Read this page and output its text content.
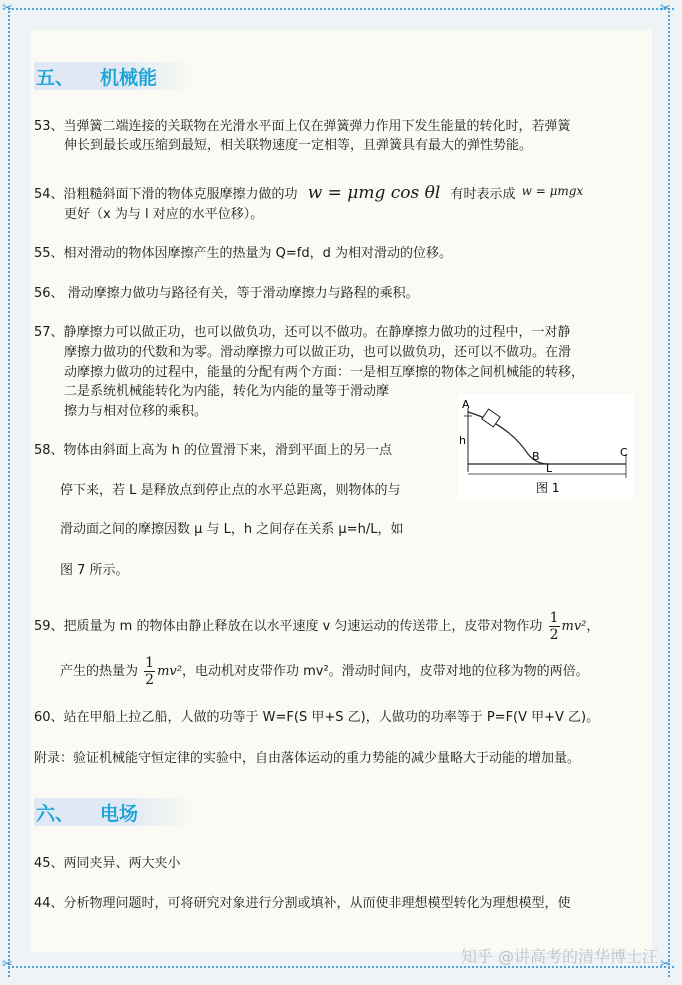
✂	✂
✂	✂
五、 机械能
53、当弹簧二端连接的关联物在光滑水平面上仅在弹簧弹力作用下发生能量的转化时，若弹簧
伸长到最长或压缩到最短，相关联物速度一定相等，且弹簧具有最大的弹性势能。
54、沿粗糙斜面下滑的物体克服摩擦力做的功 w = μmg cos θl 有时表示成 w = μmgx
更好（x 为与 l 对应的水平位移）。
55、相对滑动的物体因摩擦产生的热量为 Q=fd，d 为相对滑动的位移。
56、 滑动摩擦力做功与路径有关，等于滑动摩擦力与路程的乘积。
57、静摩擦力可以做正功，也可以做负功，还可以不做功。在静摩擦力做功的过程中，一对静
摩擦力做功的代数和为零。滑动摩擦力可以做正功，也可以做负功，还可以不做功。在滑
动摩擦力做功的过程中，能量的分配有两个方面：一是相互摩擦的物体之间机械能的转移，
二是系统机械能转化为内能，转化为内能的量等于滑动摩
擦力与相对位移的乘积。	A
h
B	C
L
图 1
58、物体由斜面上高为 h 的位置滑下来，滑到平面上的另一点
停下来，若 L 是释放点到停止点的水平总距离，则物体的与
滑动面之间的摩擦因数 μ 与 L，h 之间存在关系 μ=h/L，如
图 7 所示。
59、把质量为 m 的物体由静止释放在以水平速度 v 匀速运动的传送带上，皮带对物作功 $\frac{1}{2} mv^2$，
产生的热量为 $\frac{1}{2} mv^2$，电动机对皮带作功 mv²。滑动时间内，皮带对地的位移为物的两倍。
60、站在甲船上拉乙船，人做的功等于 W=F(S 甲+S 乙)，人做功的功率等于 P=F(V 甲+V 乙)。
附录：验证机械能守恒定律的实验中，自由落体运动的重力势能的减少量略大于动能的增加量。
六、 电场
45、两同夹异、两大夹小
44、分析物理问题时，可将研究对象进行分割或填补，从而使非理想模型转化为理想模型，使
知乎 @讲高考的清华博士汪
